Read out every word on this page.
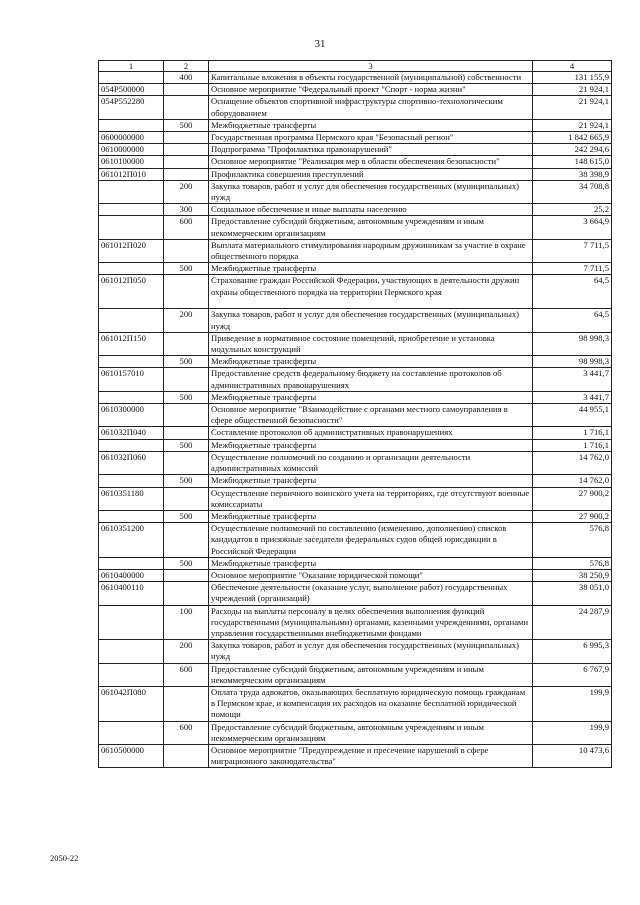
31
1	2	3	4
	400	Капитальные вложения в объекты государственной (муниципальной) собственности	131 155,9
054Р500000		Основное мероприятие "Федеральный проект "Спорт - норма жизни"	21 924,1
054Р552280		Оснащение объектов спортивной инфраструктуры спортивно-технологическим оборудованием	21 924,1
	500	Межбюджетные трансферты	21 924,1
0600000000		Государственная программа Пермского края "Безопасный регион"	1 842 665,9
0610000000		Подпрограмма "Профилактика правонарушений"	242 294,6
0610100000		Основное мероприятие "Реализация мер в области обеспечения безопасности"	148 615,0
061012П010		Профилактика совершения преступлений	38 398,9
	200	Закупка товаров, работ и услуг для обеспечения государственных (муниципальных) нужд	34 708,8
	300	Социальное обеспечение и иные выплаты населению	25,2
	600	Предоставление субсидий бюджетным, автономным учреждениям и иным некоммерческим организациям	3 664,9
061012П020		Выплата материального стимулирования народным дружинникам за участие в охране общественного порядка	7 711,5
	500	Межбюджетные трансферты	7 711,5
061012П050		Страхование граждан Российской Федерации, участвующих в деятельности дружин охраны общественного порядка на территории Пермского края	64,5
	200	Закупка товаров, работ и услуг для обеспечения государственных (муниципальных) нужд	64,5
061012П150		Приведение в нормативное состояние помещений, приобретение и установка модульных конструкций	98 998,3
	500	Межбюджетные трансферты	98 998,3
0610157010		Предоставление средств федеральному бюджету на составление протоколов об административных правонарушениях	3 441,7
	500	Межбюджетные трансферты	3 441,7
0610300000		Основное мероприятие "Взаимодействие с органами местного самоуправления в сфере общественной безопасности"	44 955,1
061032П040		Составление протоколов об административных правонарушениях	1 716,1
	500	Межбюджетные трансферты	1 716,1
061032П060		Осуществление полномочий по созданию и организации деятельности административных комиссий	14 762,0
	500	Межбюджетные трансферты	14 762,0
0610351180		Осуществление первичного воинского учета на территориях, где отсутствуют военные комиссариаты	27 900,2
	500	Межбюджетные трансферты	27 900,2
0610351200		Осуществление полномочий по составлению (изменению, дополнению) списков кандидатов в присяжные заседатели федеральных судов общей юрисдикции в Российской Федерации	576,8
	500	Межбюджетные трансферты	576,8
0610400000		Основное мероприятие "Оказание юридической помощи"	38 250,9
0610400110		Обеспечение деятельности (оказание услуг, выполнение работ) государственных учреждений (организаций)	38 051,0
	100	Расходы на выплаты персоналу в целях обеспечения выполнения функций государственными (муниципальными) органами, казенными учреждениями, органами управления государственными внебюджетными фондами	24 287,9
	200	Закупка товаров, работ и услуг для обеспечения государственных (муниципальных) нужд	6 995,3
	600	Предоставление субсидий бюджетным, автономным учреждениям и иным некоммерческим организациям	6 767,9
061042П080		Оплата труда адвокатов, оказывающих бесплатную юридическую помощь гражданам в Пермском крае, и компенсация их расходов на оказание бесплатной юридической помощи	199,9
	600	Предоставление субсидий бюджетным, автономным учреждениям и иным некоммерческим организациям	199,9
0610500000		Основное мероприятие "Предупреждение и пресечение нарушений в сфере миграционного законодательства"	10 473,6
2050-22
